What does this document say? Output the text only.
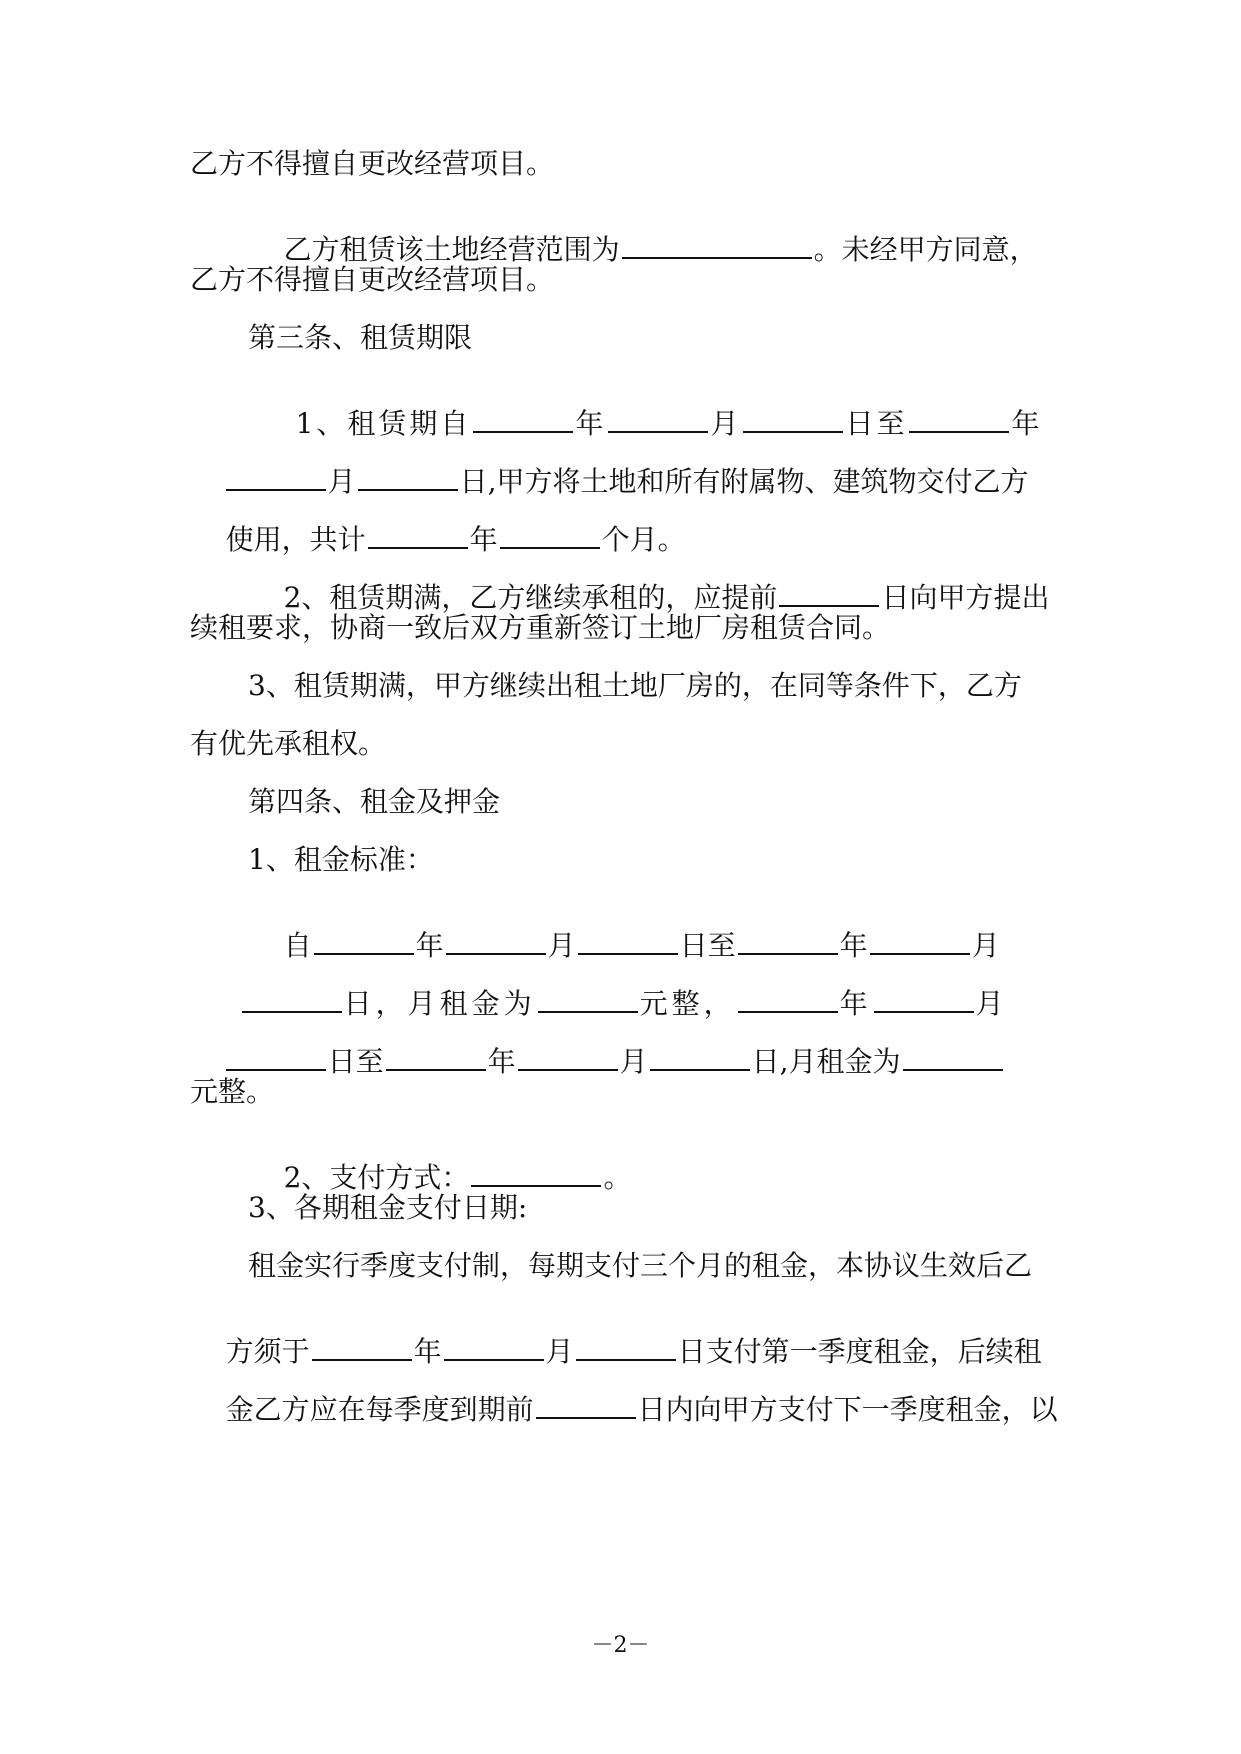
乙方不得擅自更改经营项目。

乙方租赁该土地经营范围为	。未经甲方同意，

乙方不得擅自更改经营项目。
第三条、租赁期限

1、租赁期自	年	月	日至	年

月	日,甲方将土地和所有附属物、建筑物交付乙方

使用，共计	年	个月。

2、租赁期满，乙方继续承租的，应提前	日向甲方提出

续租要求，协商一致后双方重新签订土地厂房租赁合同。
3、租赁期满，甲方继续出租土地厂房的，在同等条件下，乙方
有优先承租权。
第四条、租金及押金
1、租金标准：

自	年	月	日至	年	月

日，月租金为	元整，	年	月

日至	年	月	日,月租金为

元整。

2、支付方式：	。

3、各期租金支付日期:
租金实行季度支付制，每期支付三个月的租金，本协议生效后乙

方须于	年	月	日支付第一季度租金，后续租

金乙方应在每季度到期前	日内向甲方支付下一季度租金，以

－2－
